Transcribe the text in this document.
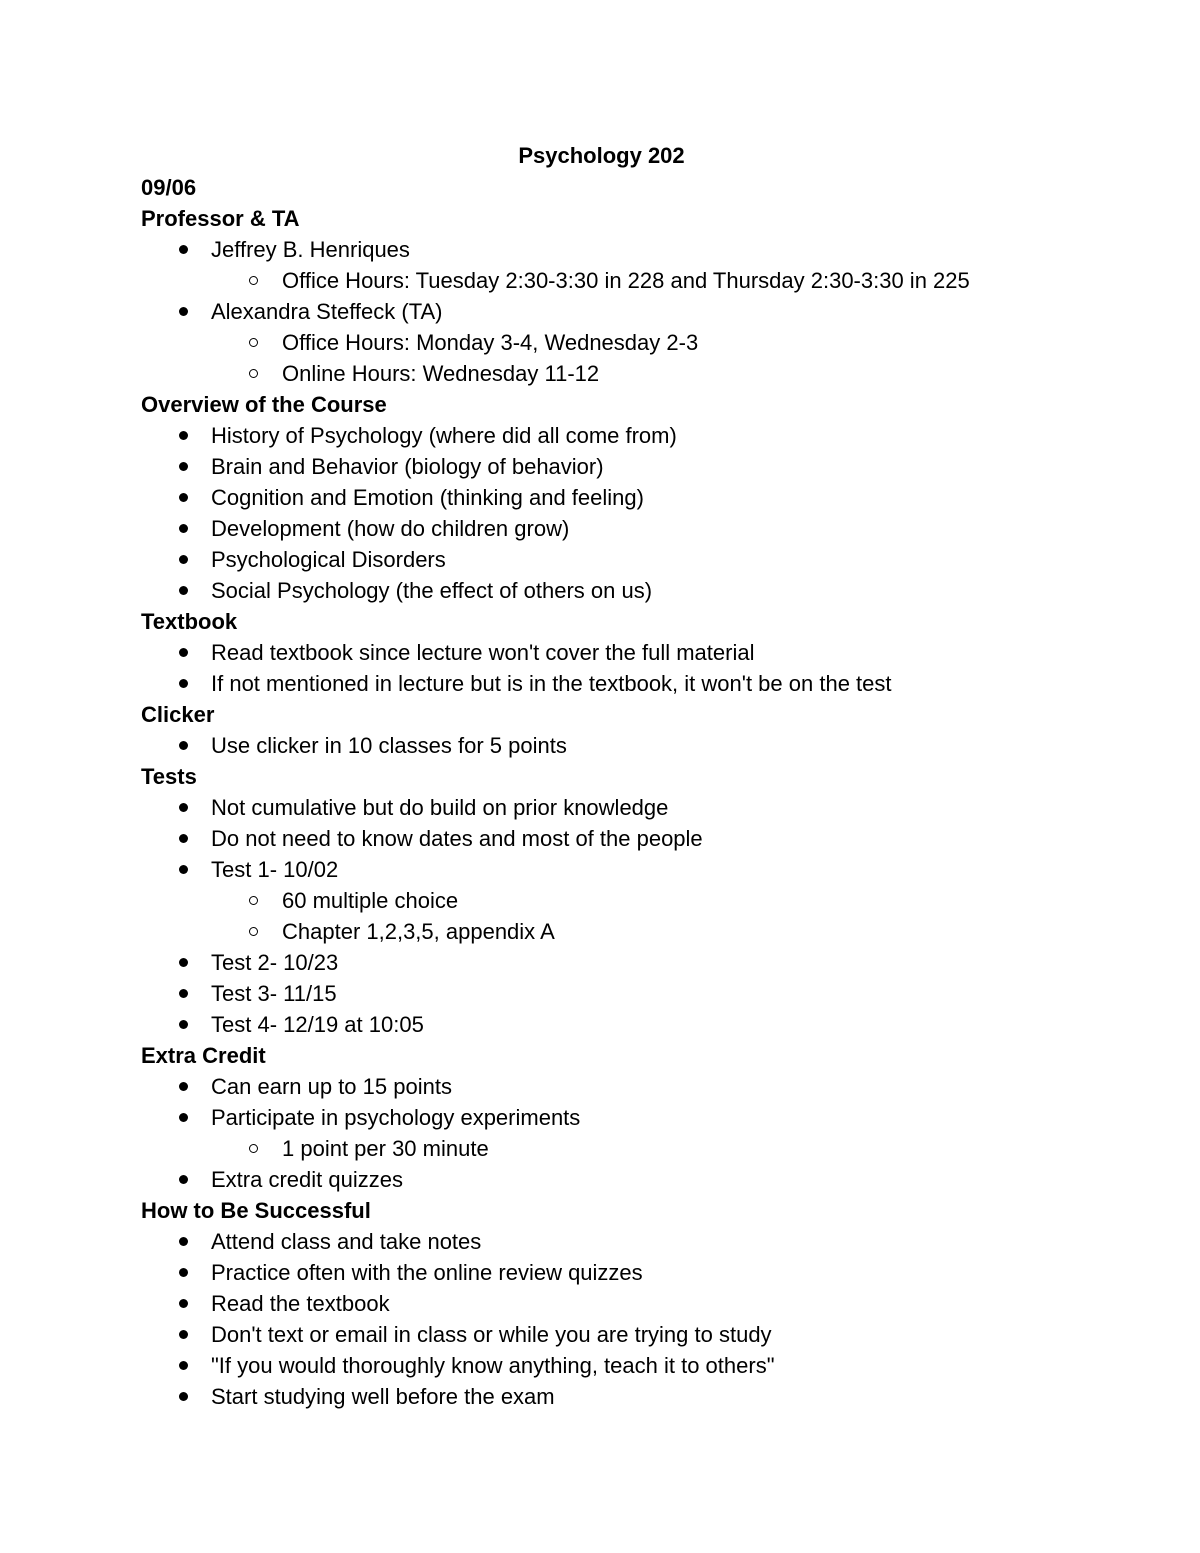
Psychology 202
09/06
Professor & TA
Jeffrey B. Henriques
Office Hours: Tuesday 2:30-3:30 in 228 and Thursday 2:30-3:30 in 225
Alexandra Steffeck (TA)
Office Hours: Monday 3-4, Wednesday 2-3
Online Hours: Wednesday 11-12
Overview of the Course
History of Psychology (where did all come from)
Brain and Behavior (biology of behavior)
Cognition and Emotion (thinking and feeling)
Development (how do children grow)
Psychological Disorders
Social Psychology (the effect of others on us)
Textbook
Read textbook since lecture won't cover the full material
If not mentioned in lecture but is in the textbook, it won't be on the test
Clicker
Use clicker in 10 classes for 5 points
Tests
Not cumulative but do build on prior knowledge
Do not need to know dates and most of the people
Test 1- 10/02
60 multiple choice
Chapter 1,2,3,5, appendix A
Test 2- 10/23
Test 3- 11/15
Test 4- 12/19 at 10:05
Extra Credit
Can earn up to 15 points
Participate in psychology experiments
1 point per 30 minute
Extra credit quizzes
How to Be Successful
Attend class and take notes
Practice often with the online review quizzes
Read the textbook
Don't text or email in class or while you are trying to study
"If you would thoroughly know anything, teach it to others"
Start studying well before the exam
